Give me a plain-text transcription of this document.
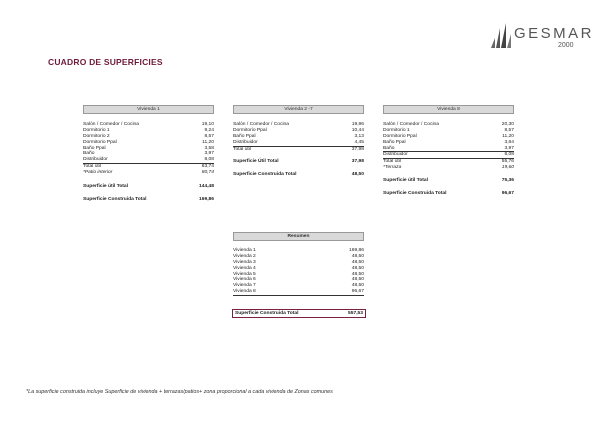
GESMAR
2000
CUADRO DE SUPERFICIES
Vivienda 1
Salón / Comedor / Cocina	19,10
Dormitorio 1	9,24
Dormitorio 2	8,57
Dormitorio Ppal	11,20
Baño Ppal	3,58
Baño	3,97
Distribuidor	8,08
Total útil	63,74
*Patio interior	80,74
Superficie útil Total	144,48
Superficie Construida Total	169,86
Vivienda 2 -7
Salón / Comedor / Cocina	19,96
Dormitorio Ppal	10,44
Baño Ppal	3,13
Distribuidor	4,45
Total útil	37,98
Superficie Útil Total	37,98
Superficie Construida Total	48,50
Vivienda 8
Salón / Comedor / Cocina	20,30
Dormitorio 1	8,57
Dormitorio Ppal	11,20
Baño Ppal	3,64
Baño	3,97
Distribuidor	8,08
Total útil	55,76
*Terraza	19,60
Superficie útil Total	75,36
Superficie Construida Total	96,67
Resumen
Vivienda 1	169,86
Vivienda 2	48,50
Vivienda 3	48,50
Vivienda 4	48,50
Vivienda 5	48,50
Vivienda 6	48,50
Vivienda 7	48,50
Vivienda 8	96,67
Superficie Construida Total	557,53
*La superficie construida incluye Superficie de vivienda + terrazas/patios+ zona proporcional a cada vivienda de Zonas comunes
